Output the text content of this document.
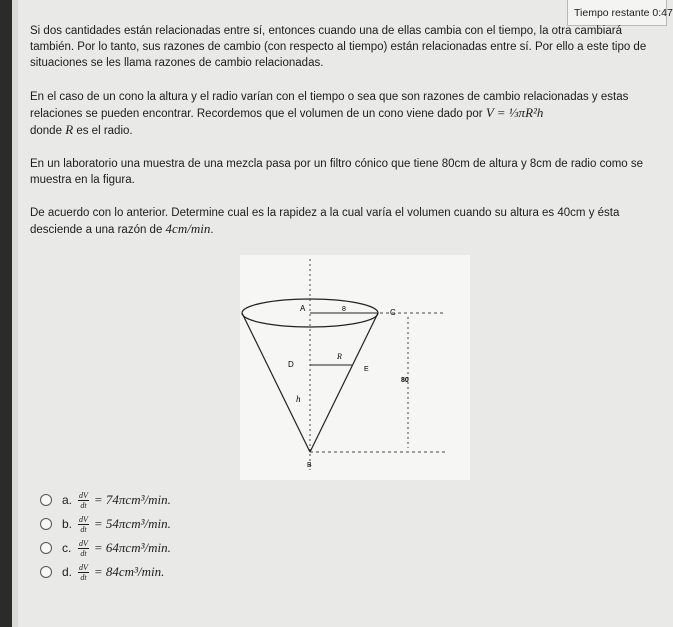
Tiempo restante 0:47

Si dos cantidades están relacionadas entre sí, entonces cuando una de ellas cambia con el tiempo, la otra cambiará también. Por lo tanto, sus razones de cambio (con respecto al tiempo) están relacionadas entre sí. Por ello a este tipo de situaciones se les llama razones de cambio relacionadas.

En el caso de un cono la altura y el radio varían con el tiempo o sea que son razones de cambio relacionadas y estas relaciones se pueden encontrar. Recordemos que el volumen de un cono viene dado por V = ⅓πR²h
donde R es el radio.

En un laboratorio una muestra de una mezcla pasa por un filtro cónico que tiene 80cm de altura y 8cm de radio como se muestra en la figura.

De acuerdo con lo anterior. Determine cual es la rapidez a la cual varía el volumen cuando su altura es 40cm y ésta desciende a una razón de 4cm/min.

A	8	C
D
R
E
80
h
B
a. $\frac{dV}{dt} = 74\pi cm^3/\min$.
b. $\frac{dV}{dt} = 54\pi cm^3/\min$.
c. $\frac{dV}{dt} = 64\pi cm^3/\min$.
d. $\frac{dV}{dt} = 84cm^3/\min$.
